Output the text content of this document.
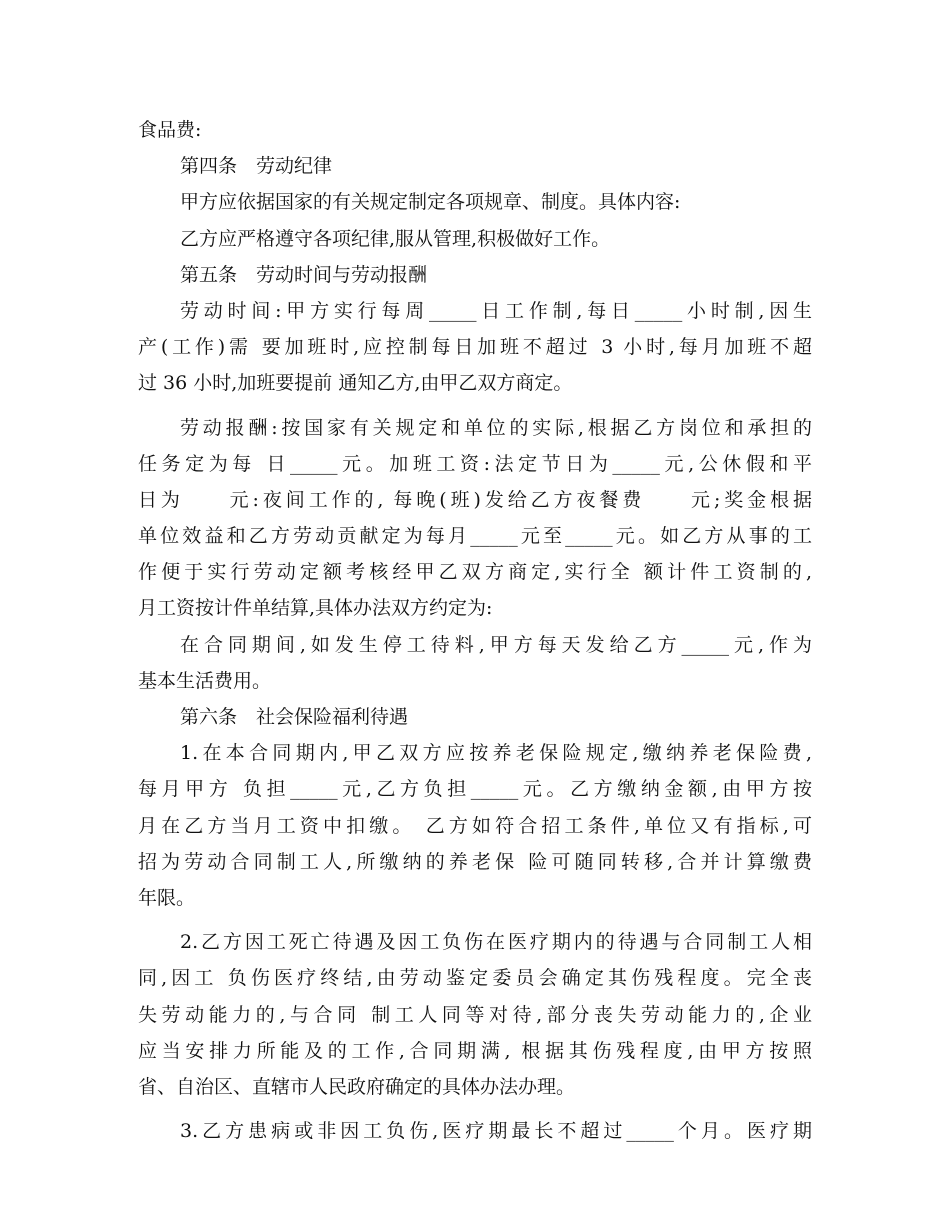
食品费:
第四条　劳动纪律
甲方应依据国家的有关规定制定各项规章、制度。具体内容:
乙方应严格遵守各项纪律,服从管理,积极做好工作。
第五条　劳动时间与劳动报酬
劳动时间:甲方实行每周_____日工作制,每日_____小时制,因生
产(工作)需 要加班时,应控制每日加班不超过 3 小时,每月加班不超
过 36 小时,加班要提前 通知乙方,由甲乙双方商定。
劳动报酬:按国家有关规定和单位的实际,根据乙方岗位和承担的
任务定为每 日_____元。加班工资:法定节日为_____元,公休假和平
日为　　元:夜间工作的, 每晚(班)发给乙方夜餐费　　元;奖金根据
单位效益和乙方劳动贡献定为每月_____元至_____元。如乙方从事的工
作便于实行劳动定额考核经甲乙双方商定,实行全 额计件工资制的,
月工资按计件单结算,具体办法双方约定为:
在合同期间,如发生停工待料,甲方每天发给乙方_____元,作为
基本生活费用。
第六条　社会保险福利待遇
1.在本合同期内,甲乙双方应按养老保险规定,缴纳养老保险费,
每月甲方 负担_____元,乙方负担_____元。乙方缴纳金额,由甲方按
月在乙方当月工资中扣缴。 乙方如符合招工条件,单位又有指标,可
招为劳动合同制工人,所缴纳的养老保 险可随同转移,合并计算缴费
年限。
2.乙方因工死亡待遇及因工负伤在医疗期内的待遇与合同制工人相
同,因工 负伤医疗终结,由劳动鉴定委员会确定其伤残程度。完全丧
失劳动能力的,与合同 制工人同等对待,部分丧失劳动能力的,企业
应当安排力所能及的工作,合同期满, 根据其伤残程度,由甲方按照
省、自治区、直辖市人民政府确定的具体办法办理。
3.乙方患病或非因工负伤,医疗期最长不超过_____个月。医疗期
